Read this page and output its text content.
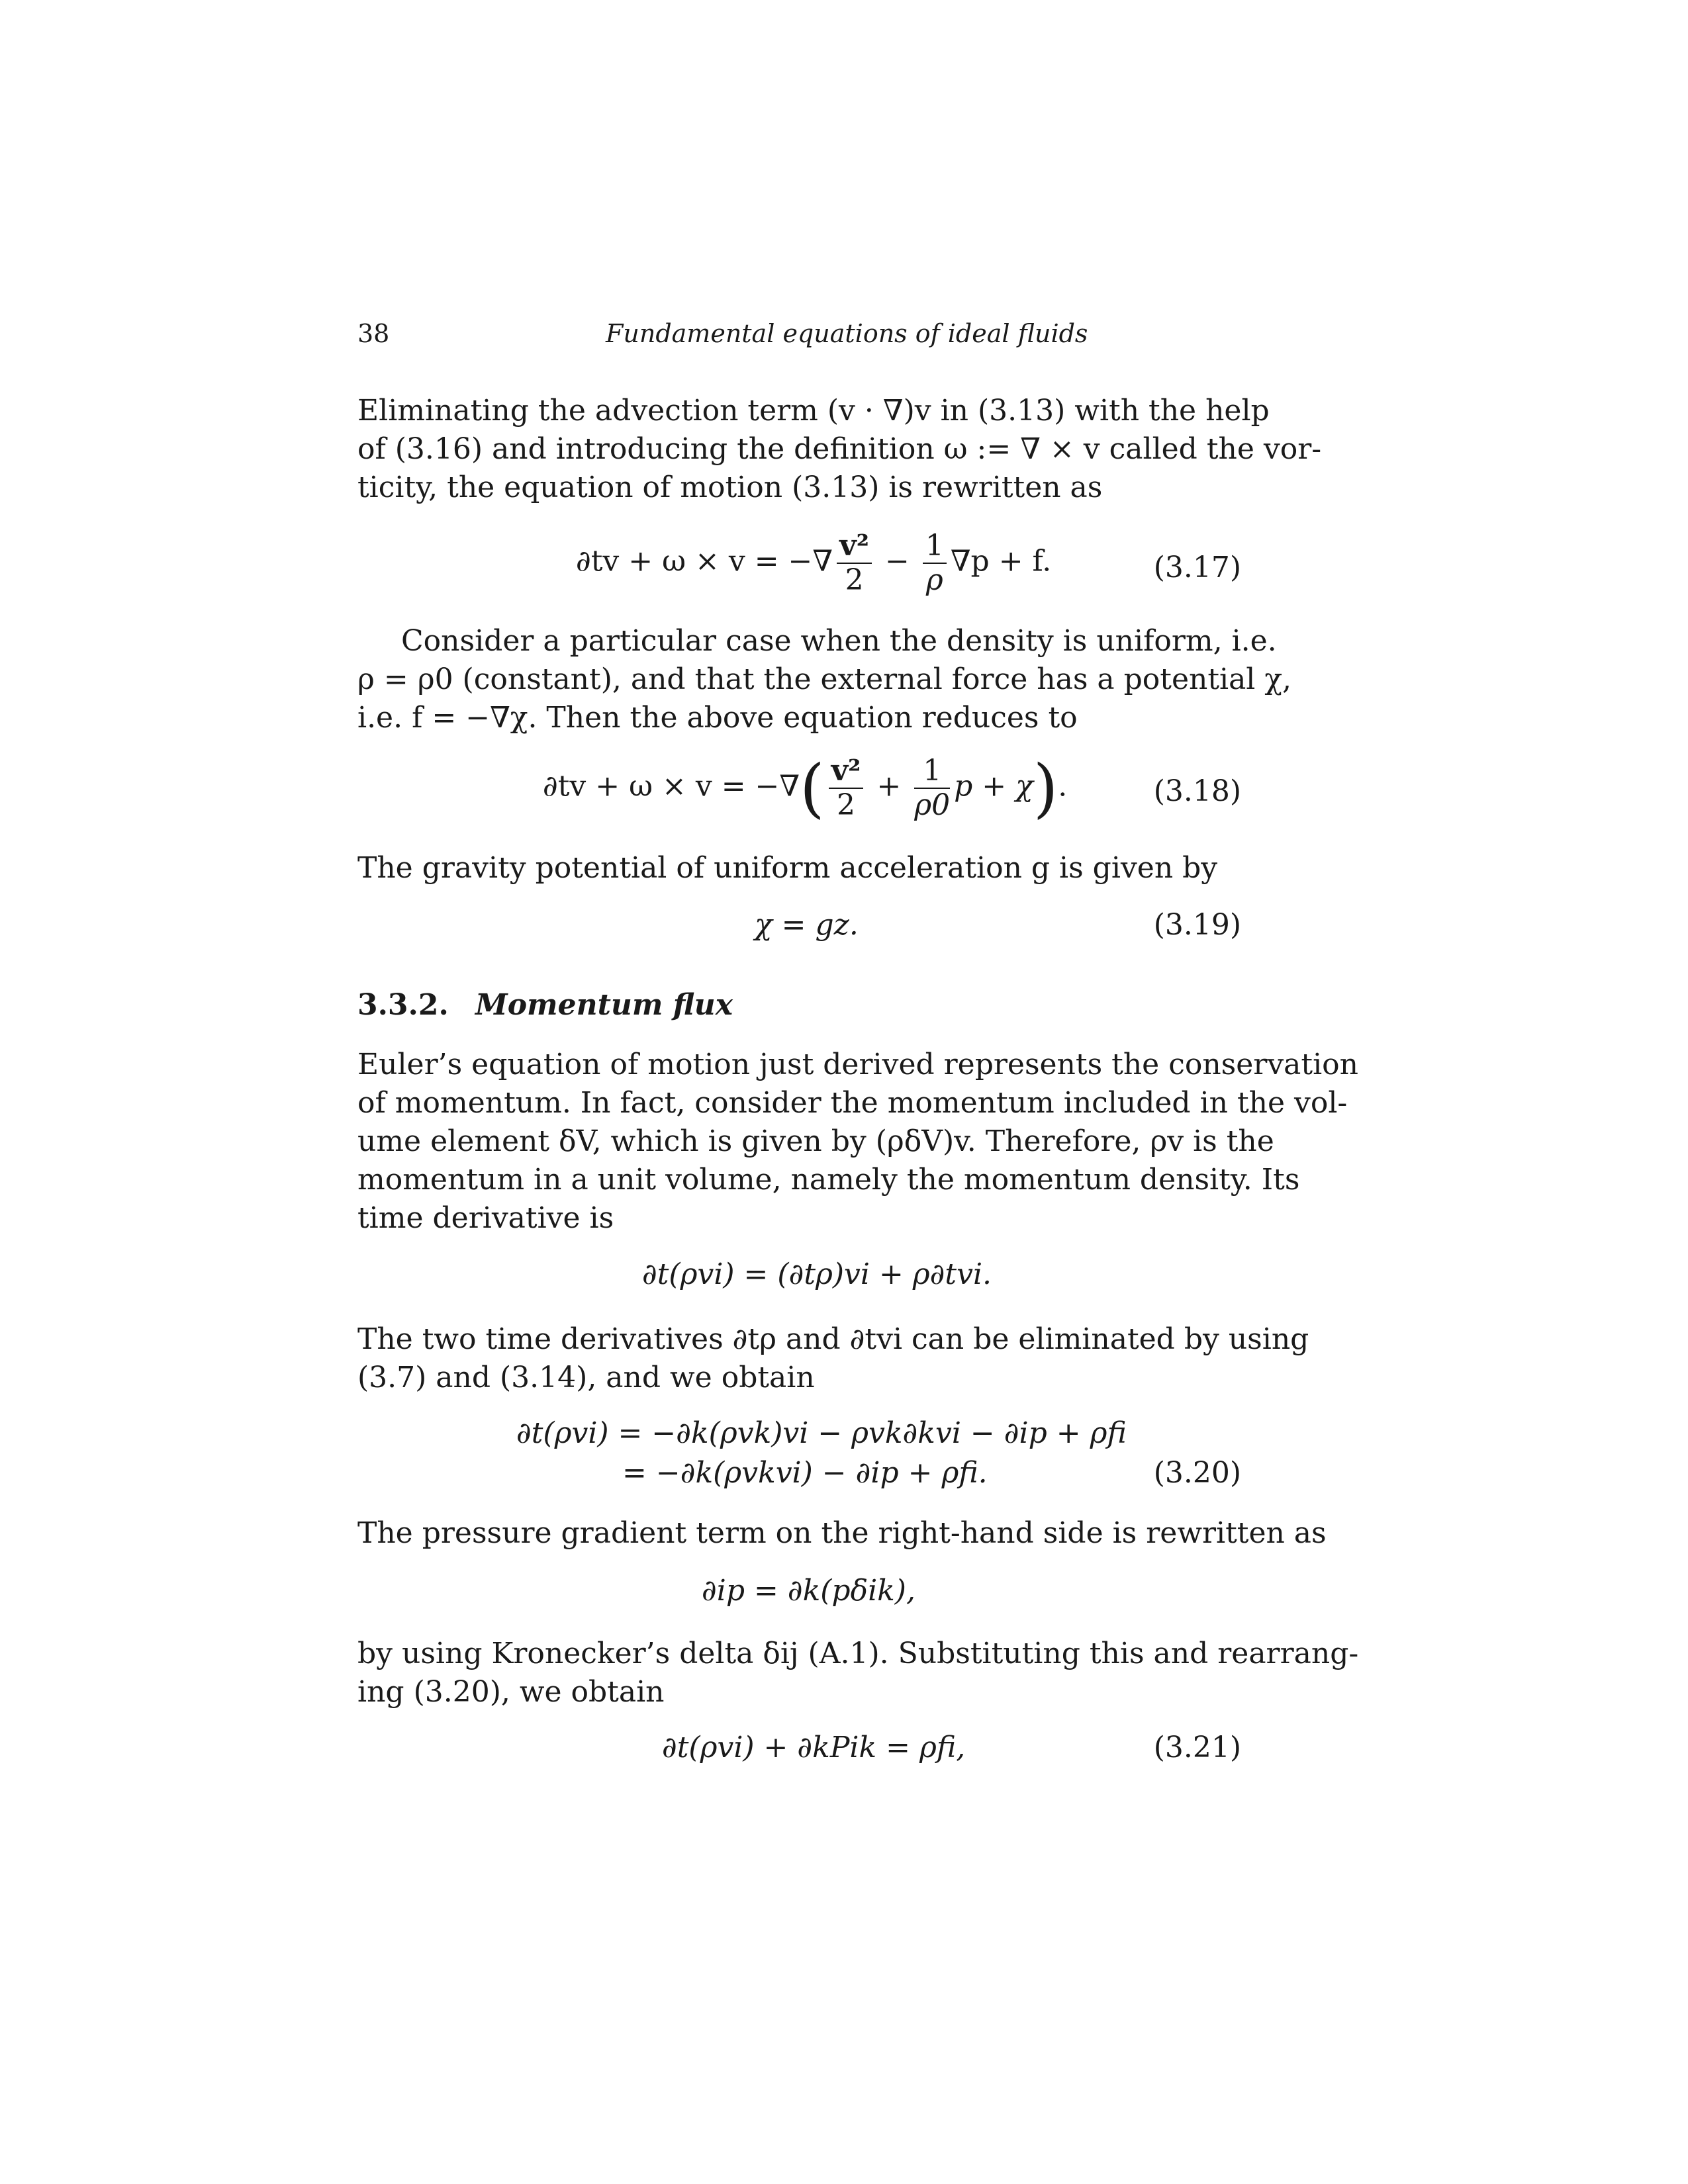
38	Fundamental equations of ideal fluids
Eliminating the advection term (v · ∇)v in (3.13) with the help
of (3.16) and introducing the definition ω := ∇ × v called the vor-
ticity, the equation of motion (3.13) is rewritten as
∂tv + ω × v = −∇ $\frac{\text{v²}}{2} - \frac{1}{\rho} \nabla p + f$.	(3.17)
Consider a particular case when the density is uniform, i.e.
ρ = ρ0 (constant), and that the external force has a potential χ,
i.e. f = −∇χ. Then the above equation reduces to
∂tv + ω × v = −∇( $\frac{\text{v²}}{2} + \frac{1}{\rho 0}$ p + χ).	(3.18)
The gravity potential of uniform acceleration g is given by
χ = gz.	(3.19)
3.3.2. Momentum flux
Euler’s equation of motion just derived represents the conservation
of momentum. In fact, consider the momentum included in the vol-
ume element δV, which is given by (ρδV)v. Therefore, ρv is the
momentum in a unit volume, namely the momentum density. Its
time derivative is
∂t(ρvi) = (∂tρ)vi + ρ∂tvi.
The two time derivatives ∂tρ and ∂tvi can be eliminated by using
(3.7) and (3.14), and we obtain
∂t(ρvi) = −∂k(ρvk)vi − ρvk∂kvi − ∂ip + ρfi
= −∂k(ρvkvi) − ∂ip + ρfi.	(3.20)
The pressure gradient term on the right-hand side is rewritten as
∂ip = ∂k(pδik),
by using Kronecker’s delta δij (A.1). Substituting this and rearrang-
ing (3.20), we obtain
∂t(ρvi) + ∂kPik = ρfi,	(3.21)
